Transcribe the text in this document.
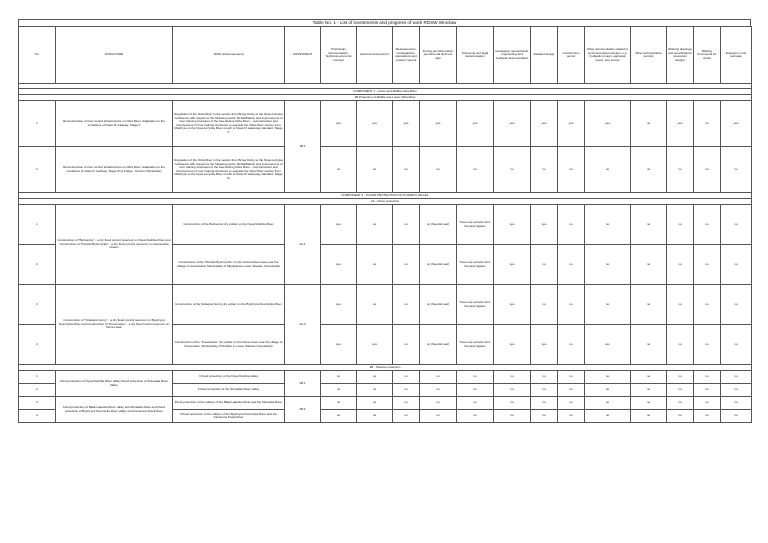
Table No. 1 - List of investments and progress of work RDSW Wrocław
No.	STRUCTURE	TASK (subcomponent)	COMPONENT	Preliminary documentation, Technical-economic concept	Environmental permit	Measurements, investigations, calculations and expert's reports	Zoning permit/Location permit/Local land use plan	Surveying and legal documentation	Geological, geotechnical, engineering and hydraulic documentation	Detailed design	Construction permit	Other documentation related to environmental protection, e.g. hydraulic project, appraisal report, tree survey	Other administrative permits	Working drawings and specifications (execution design)	Bidding documents for works	Engineer's cost estimate

COMPONENT 1 - Lower and Middle Odra River																
1B Protection of Middle and Lower Odra River																
1	Reconstruction of river control infrastructure on Odra River. Adaptation to the conditions of Class III roadway. Stage II	Regulation of the Odra River in the section from Brzeg Dolny to the Nysa Łużycka confluence with respect to the following works: Rehabilitation and improvement of river training structures of the free-flowing Odra River – reconstruction and improvement of river training structures to upgrade the Odra River section from Malczyce to the Nysa Łużycka River mouth to Class III waterway standard. Stage II	1B.1	yes	yes	yes	yes	yes	yes	yes	yes	yes	no	yes	no	yes
2	Reconstruction of river control infrastructure on Odra River. Adaptation to the conditions of Class III roadway. Stage III (2 bridge - Krosno Odrzańskie)	Regulation of the Odra River in the section from Brzeg Dolny to the Nysa Łużycka confluence with respect to the following works: Rehabilitation and improvement of river training structures of the free-flowing Odra River – reconstruction and improvement of river training structures to upgrade the Odra River section from Malczyce to the Nysa Łużycka River mouth to Class III waterway standard. Stage III		no	no	no	no	no	no	no	no	no	no	no	no	no
COMPONENT 2 - FLOOD PROTECTION OF KLODZKO VALLEY																
2A - Active protection																
1	Construction of "Boboszów" - a dry flood control reservoir on Nysa Kłodzka River and Construction of "Roztoki Bystrzyckie" - a dry flood control reservoir on Goworówka stream	Construction of the Boboszów dry polder on the Nysa Kłodzka River	2A.1	yes	no	no	no (Special Law)	There are extracts from the land register	yes	yes	no	no	no	no	no	no
2		Construction of the "Roztoki Bystrzyckie" on the Goworówka creek near the village of Goworówka, Municipality of Międzylesie Lower Silesian Voivodeship		yes	no	no	no (Special Law)	There are extracts from the land register	yes	no	no	no	no	no	no	no
3	Construction of "Szalejów Górny" - a dry flood control reservoir on Bystrzyca Dusznicka River and Construction of "Krosnowice" - a dry flood control reservoir on Duna creek	Construction of the Szalejów Górny dry polder on the Bystrzyca Dusznicka River	2A.2	yes	no	no	no (Special Law)	There are extracts from the land register	yes	no	no	no	no	no	no	no
4		Construction of the "Krosnowice" dry polder on the Duna creek near the village of Krosnowice, Municipality of Kłodzko in Lower Silesian Voivodeship		yes	yes	no	no (Special Law)	There are extracts from the land register	yes	yes	no	yes	no	no	no	no
2B - Passive protection																
1	Flood protection of Nysa Kłodzka River Valley-Flood protection of Ścinawka River Valley	I) flood protection of the Nysa Kłodzka valley	2B.1	no	no	no	no	no	no	no	no	no	no	no	no	no
2		II flood protection of the Ścinawka River valley		no	no	no	no	no	no	no	no	no	no	no	no	no
3	Flood protection of Biała Lądecka River valley and Morawka River and Flood protection of Bystrzyca Dusznicka River Valley and Kamienna Potok River	Flood protection of the valleys of the Biała Lądecka River and the Morawka River	2B.2	no	no	no	no	no	no	no	no	no	no	no	no	no
4		II flood protection of the valleys of the Bystrzyca Dusznicka River and the Kamienna Potok River		no	no	no	no	no	no	no	no	no	no	no	no	no
